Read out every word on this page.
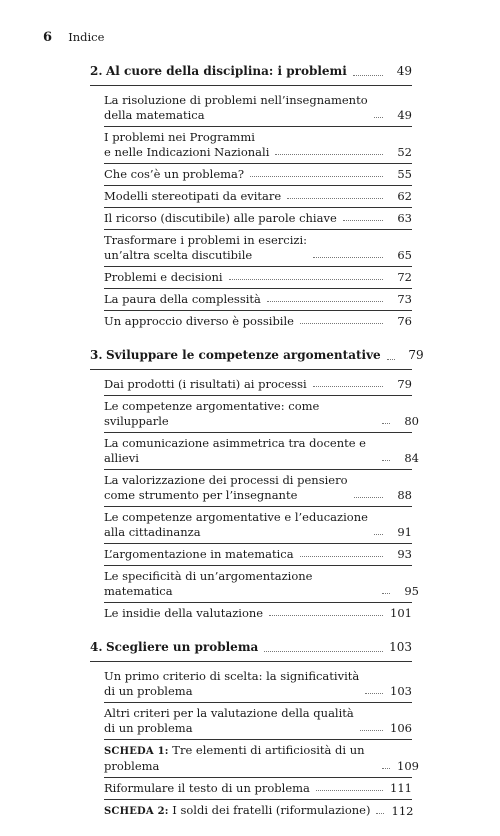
6 Indice
2. Al cuore della disciplina: i problemi	49
La risoluzione di problemi nell’insegnamento
della matematica	49
I problemi nei Programmi
e nelle Indicazioni Nazionali	52
Che cos’è un problema?	55
Modelli stereotipati da evitare	62
Il ricorso (discutibile) alle parole chiave	63
Trasformare i problemi in esercizi:
un’altra scelta discutibile	65
Problemi e decisioni	72
La paura della complessità	73
Un approccio diverso è possibile	76
3. Sviluppare le competenze argomentative	79
Dai prodotti (i risultati) ai processi	79
Le competenze argomentative: come svilupparle	80
La comunicazione asimmetrica tra docente e allievi	84
La valorizzazione dei processi di pensiero
come strumento per l’insegnante	88
Le competenze argomentative e l’educazione
alla cittadinanza	91
L’argomentazione in matematica	93
Le specificità di un’argomentazione matematica	95
Le insidie della valutazione	101
4. Scegliere un problema	103
Un primo criterio di scelta: la significatività
di un problema	103
Altri criteri per la valutazione della qualità
di un problema	106
SCHEDA 1: Tre elementi di artificiosità di un problema	109
Riformulare il testo di un problema	111
SCHEDA 2: I soldi dei fratelli (riformulazione) 112
